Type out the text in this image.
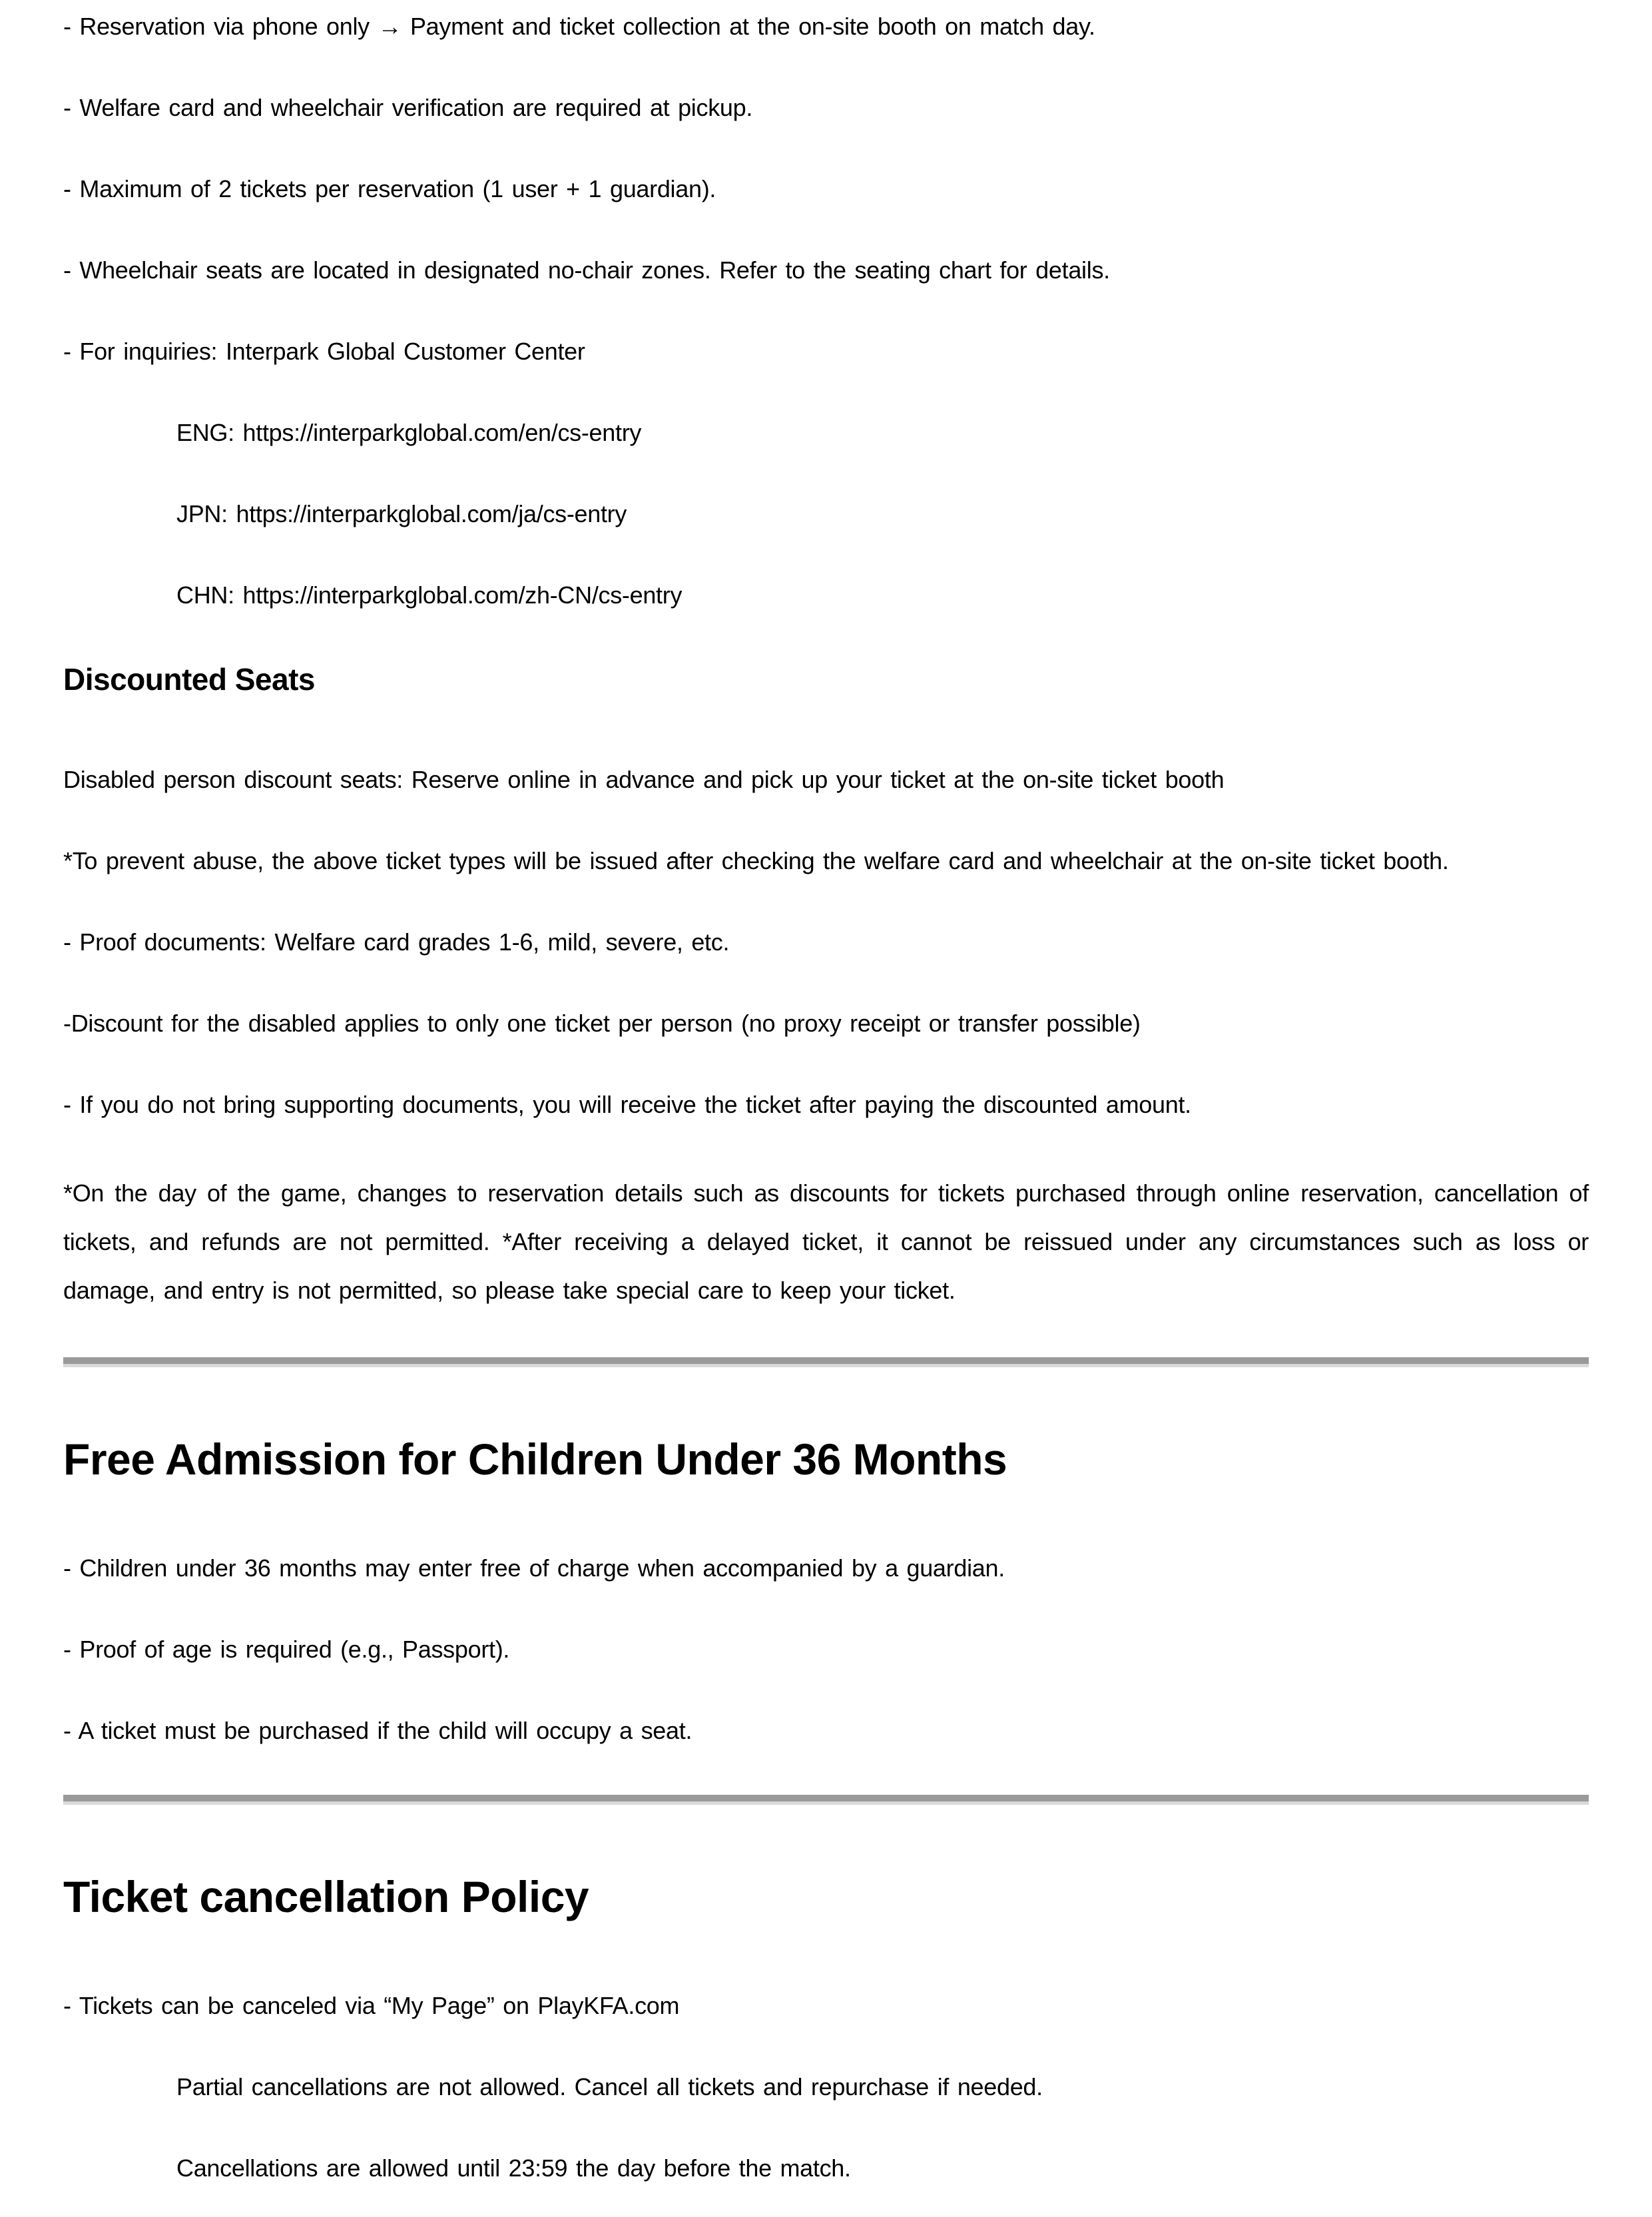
- Reservation via phone only → Payment and ticket collection at the on-site booth on match day.

- Welfare card and wheelchair verification are required at pickup.

- Maximum of 2 tickets per reservation (1 user + 1 guardian).

- Wheelchair seats are located in designated no-chair zones. Refer to the seating chart for details.

- For inquiries: Interpark Global Customer Center

ENG: https://interparkglobal.com/en/cs-entry

JPN: https://interparkglobal.com/ja/cs-entry

CHN: https://interparkglobal.com/zh-CN/cs-entry

Discounted Seats

Disabled person discount seats: Reserve online in advance and pick up your ticket at the on-site ticket booth

*To prevent abuse, the above ticket types will be issued after checking the welfare card and wheelchair at the on-site ticket booth.

- Proof documents: Welfare card grades 1-6, mild, severe, etc.

-Discount for the disabled applies to only one ticket per person (no proxy receipt or transfer possible)

- If you do not bring supporting documents, you will receive the ticket after paying the discounted amount.

*On the day of the game, changes to reservation details such as discounts for tickets purchased through online reservation, cancellation of tickets, and refunds are not permitted. *After receiving a delayed ticket, it cannot be reissued under any circumstances such as loss or damage, and entry is not permitted, so please take special care to keep your ticket.

Free Admission for Children Under 36 Months

- Children under 36 months may enter free of charge when accompanied by a guardian.

- Proof of age is required (e.g., Passport).

- A ticket must be purchased if the child will occupy a seat.

Ticket cancellation Policy

- Tickets can be canceled via “My Page” on PlayKFA.com

Partial cancellations are not allowed. Cancel all tickets and repurchase if needed.

Cancellations are allowed until 23:59 the day before the match.
